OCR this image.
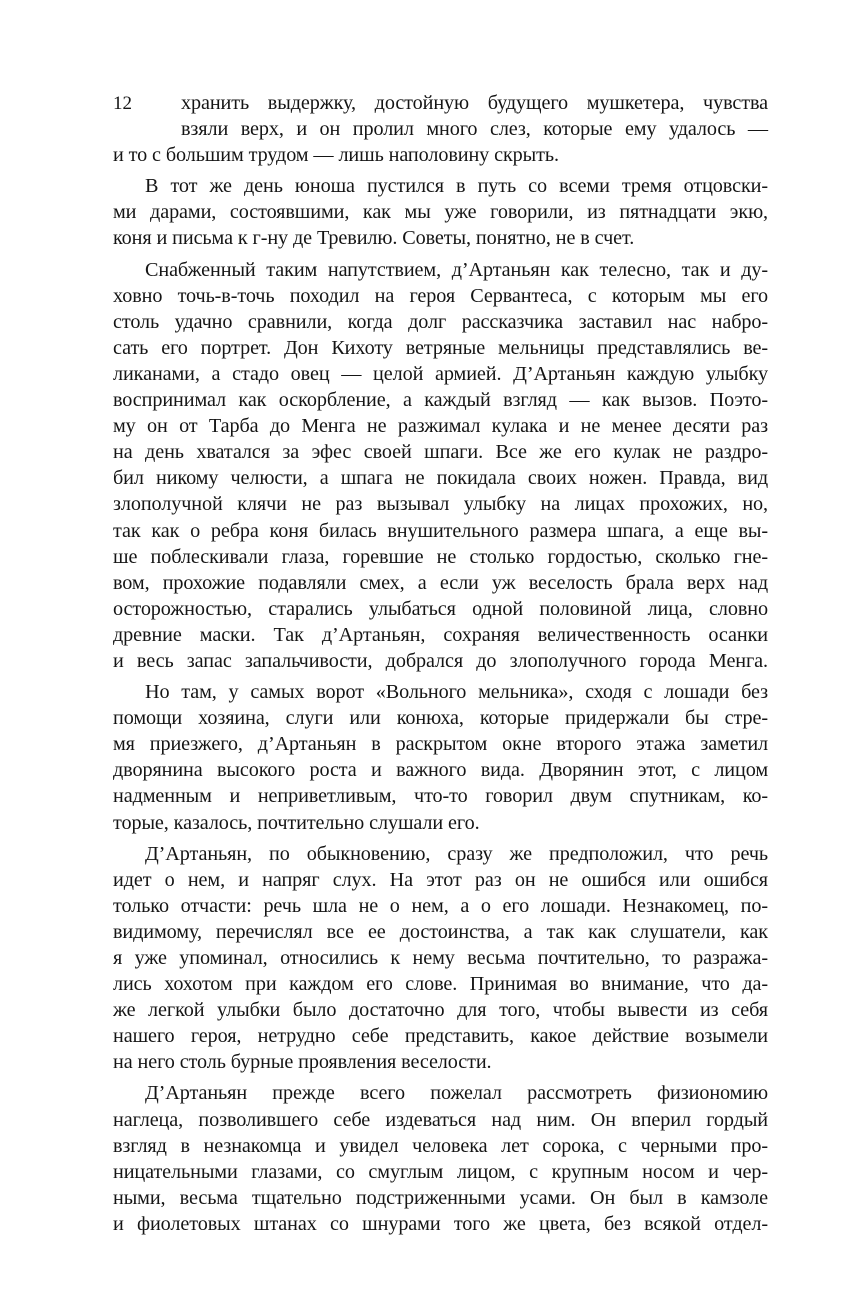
12	хранить выдержку, достойную будущего мушкетера, чувства
взяли верх, и он пролил много слез, которые ему удалось —
и то с большим трудом — лишь наполовину скрыть.
В тот же день юноша пустился в путь со всеми тремя отцовски-
ми дарами, состоявшими, как мы уже говорили, из пятнадцати экю,
коня и письма к г-ну де Тревилю. Советы, понятно, не в счет.
Снабженный таким напутствием, д’Артаньян как телесно, так и ду-
ховно точь-в-точь походил на героя Сервантеса, с которым мы его
столь удачно сравнили, когда долг рассказчика заставил нас набро-
сать его портрет. Дон Кихоту ветряные мельницы представлялись ве-
ликанами, а стадо овец — целой армией. Д’Артаньян каждую улыбку
воспринимал как оскорбление, а каждый взгляд — как вызов. Поэто-
му он от Тарба до Менга не разжимал кулака и не менее десяти раз
на день хватался за эфес своей шпаги. Все же его кулак не раздро-
бил никому челюсти, а шпага не покидала своих ножен. Правда, вид
злополучной клячи не раз вызывал улыбку на лицах прохожих, но,
так как о ребра коня билась внушительного размера шпага, а еще вы-
ше поблескивали глаза, горевшие не столько гордостью, сколько гне-
вом, прохожие подавляли смех, а если уж веселость брала верх над
осторожностью, старались улыбаться одной половиной лица, словно
древние маски. Так д’Артаньян, сохраняя величественность осанки
и весь запас запальчивости, добрался до злополучного города Менга.
Но там, у самых ворот «Вольного мельника», сходя с лошади без
помощи хозяина, слуги или конюха, которые придержали бы стре-
мя приезжего, д’Артаньян в раскрытом окне второго этажа заметил
дворянина высокого роста и важного вида. Дворянин этот, с лицом
надменным и неприветливым, что-то говорил двум спутникам, ко-
торые, казалось, почтительно слушали его.
Д’Артаньян, по обыкновению, сразу же предположил, что речь
идет о нем, и напряг слух. На этот раз он не ошибся или ошибся
только отчасти: речь шла не о нем, а о его лошади. Незнакомец, по-
видимому, перечислял все ее достоинства, а так как слушатели, как
я уже упоминал, относились к нему весьма почтительно, то разража-
лись хохотом при каждом его слове. Принимая во внимание, что да-
же легкой улыбки было достаточно для того, чтобы вывести из себя
нашего героя, нетрудно себе представить, какое действие возымели
на него столь бурные проявления веселости.
Д’Артаньян прежде всего пожелал рассмотреть физиономию
наглеца, позволившего себе издеваться над ним. Он вперил гордый
взгляд в незнакомца и увидел человека лет сорока, с черными про-
ницательными глазами, со смуглым лицом, с крупным носом и чер-
ными, весьма тщательно подстриженными усами. Он был в камзоле
и фиолетовых штанах со шнурами того же цвета, без всякой отдел-
